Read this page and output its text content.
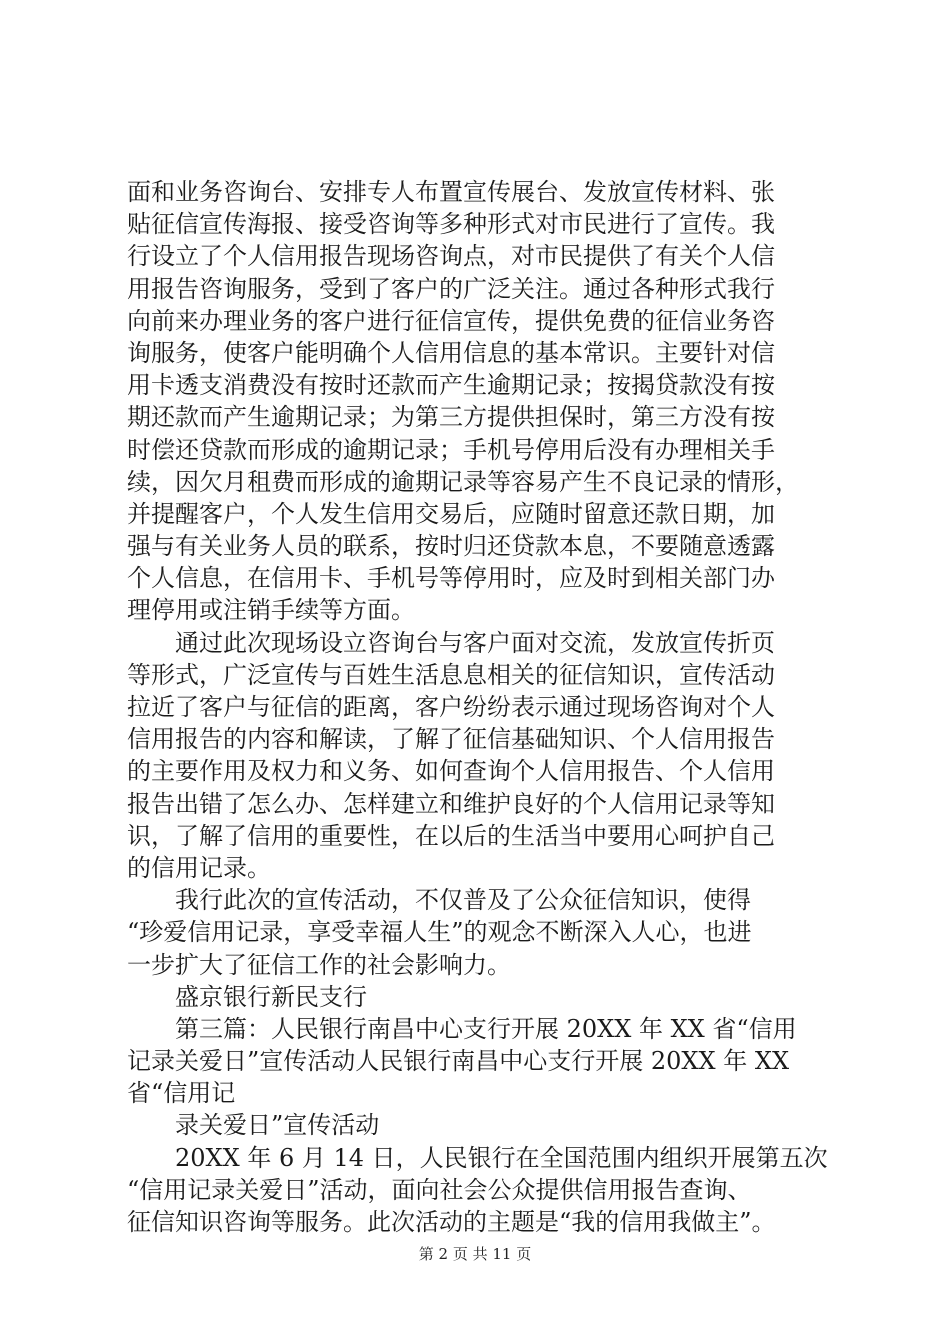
面和业务咨询台、安排专人布置宣传展台、发放宣传材料、张
贴征信宣传海报、接受咨询等多种形式对市民进行了宣传。我
行设立了个人信用报告现场咨询点，对市民提供了有关个人信
用报告咨询服务，受到了客户的广泛关注。通过各种形式我行
向前来办理业务的客户进行征信宣传，提供免费的征信业务咨
询服务，使客户能明确个人信用信息的基本常识。主要针对信
用卡透支消费没有按时还款而产生逾期记录；按揭贷款没有按
期还款而产生逾期记录；为第三方提供担保时，第三方没有按
时偿还贷款而形成的逾期记录；手机号停用后没有办理相关手
续，因欠月租费而形成的逾期记录等容易产生不良记录的情形，
并提醒客户，个人发生信用交易后，应随时留意还款日期，加
强与有关业务人员的联系，按时归还贷款本息，不要随意透露
个人信息，在信用卡、手机号等停用时，应及时到相关部门办
理停用或注销手续等方面。
　　通过此次现场设立咨询台与客户面对交流，发放宣传折页
等形式，广泛宣传与百姓生活息息相关的征信知识，宣传活动
拉近了客户与征信的距离，客户纷纷表示通过现场咨询对个人
信用报告的内容和解读，了解了征信基础知识、个人信用报告
的主要作用及权力和义务、如何查询个人信用报告、个人信用
报告出错了怎么办、怎样建立和维护良好的个人信用记录等知
识，了解了信用的重要性，在以后的生活当中要用心呵护自己
的信用记录。
　　我行此次的宣传活动，不仅普及了公众征信知识，使得
“珍爱信用记录，享受幸福人生”的观念不断深入人心，也进
一步扩大了征信工作的社会影响力。
　　盛京银行新民支行
　　第三篇：人民银行南昌中心支行开展 20XX 年 XX 省“信用
记录关爱日”宣传活动人民银行南昌中心支行开展 20XX 年 XX
省“信用记
　　录关爱日”宣传活动
　　20XX 年 6 月 14 日，人民银行在全国范围内组织开展第五次
“信用记录关爱日”活动，面向社会公众提供信用报告查询、
征信知识咨询等服务。此次活动的主题是“我的信用我做主”。
第 2 页 共 11 页
